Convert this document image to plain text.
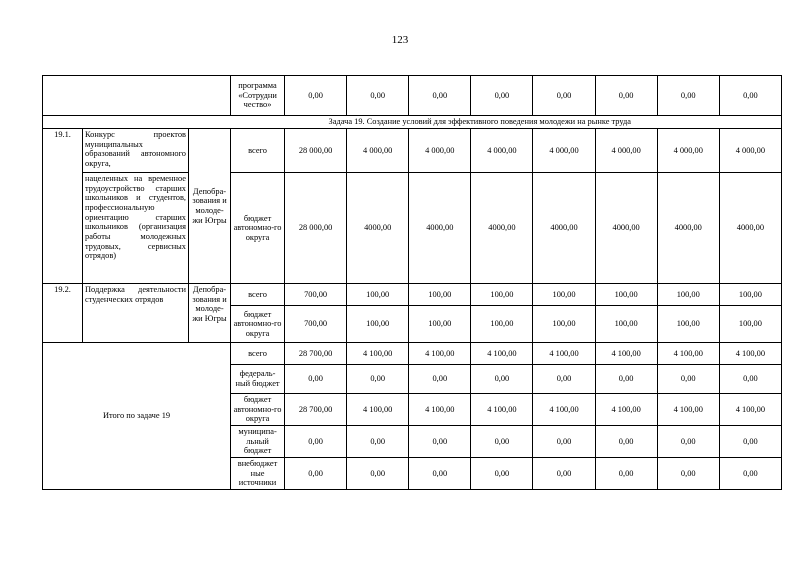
123
			программа «Сотрудни чество»	0,00	0,00	0,00	0,00	0,00	0,00	0,00	0,00
Задача 19. Создание условий для эффективного поведения молодежи на рынке труда											
19.1.	Конкурс проектов муниципальных образований автономного округа,	Депобра-зования и молоде-жи Югры	всего	28 000,00	4 000,00	4 000,00	4 000,00	4 000,00	4 000,00	4 000,00	4 000,00
	нацеленных на временное трудоустройство старших школьников и студентов, профессиональную ориентацию старших школьников (организация работы молодежных трудовых, сервисных отрядов)		бюджет автономно-го округа	28 000,00	4000,00	4000,00	4000,00	4000,00	4000,00	4000,00	4000,00
19.2.	Поддержка деятельности студенческих отрядов	Депобра-зования и молоде-жи Югры	всего	700,00	100,00	100,00	100,00	100,00	100,00	100,00	100,00
			бюджет автономно-го округа	700,00	100,00	100,00	100,00	100,00	100,00	100,00	100,00
Итого по задаче 19			всего	28 700,00	4 100,00	4 100,00	4 100,00	4 100,00	4 100,00	4 100,00	4 100,00
			федераль-ный бюджет	0,00	0,00	0,00	0,00	0,00	0,00	0,00	0,00
			бюджет автономно-го округа	28 700,00	4 100,00	4 100,00	4 100,00	4 100,00	4 100,00	4 100,00	4 100,00
			муниципа-льный бюджет	0,00	0,00	0,00	0,00	0,00	0,00	0,00	0,00
			внебюджет ные источники	0,00	0,00	0,00	0,00	0,00	0,00	0,00	0,00
